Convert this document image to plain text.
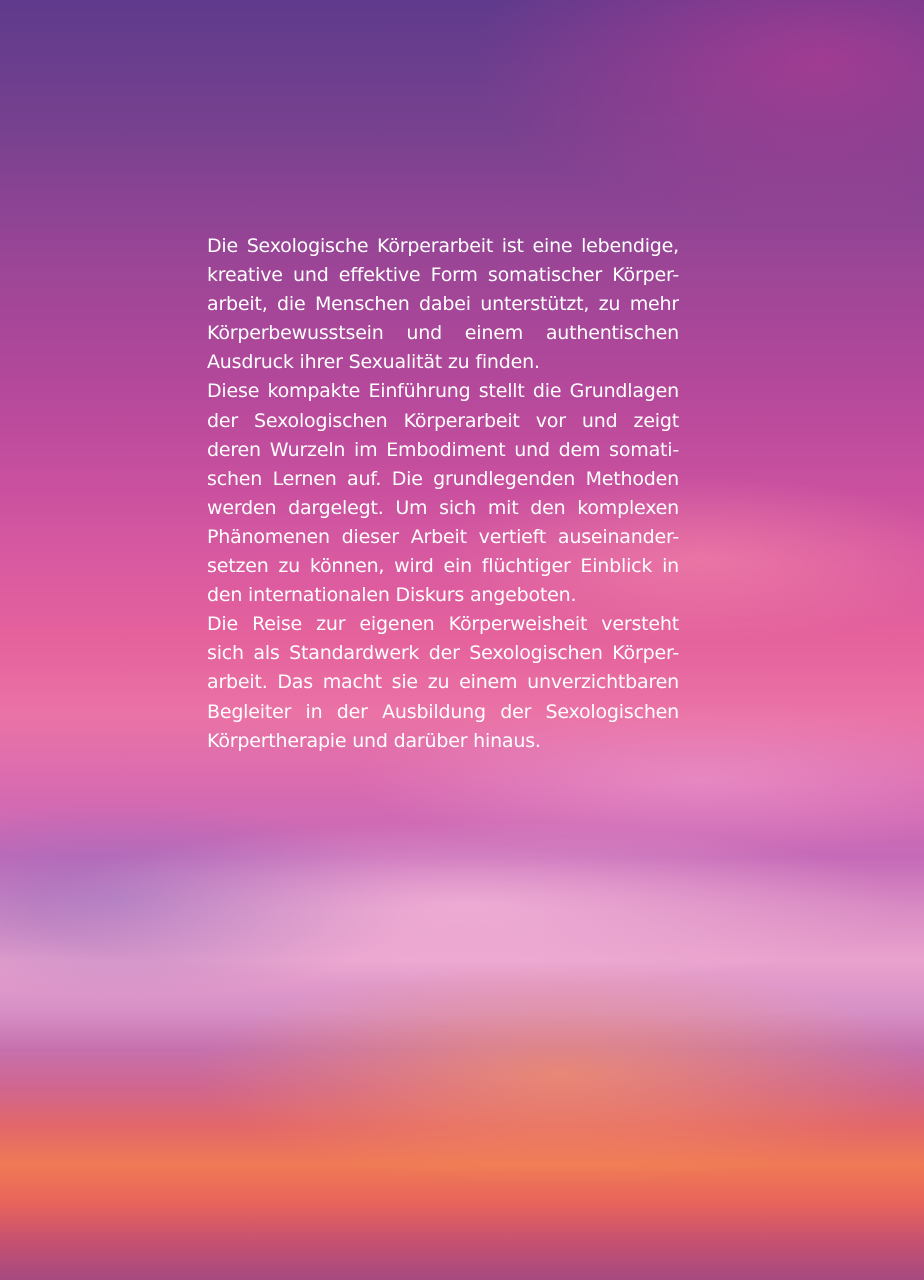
Die Sexologische Körperarbeit ist eine lebendige,
kreative und effektive Form somatischer Körper-
arbeit, die Menschen dabei unterstützt, zu mehr
Körperbewusstsein und einem authentischen
Ausdruck ihrer Sexualität zu finden.
Diese kompakte Einführung stellt die Grundlagen
der Sexologischen Körperarbeit vor und zeigt
deren Wurzeln im Embodiment und dem somati-
schen Lernen auf. Die grundlegenden Methoden
werden dargelegt. Um sich mit den komplexen
Phänomenen dieser Arbeit vertieft auseinander-
setzen zu können, wird ein flüchtiger Einblick in
den internationalen Diskurs angeboten.
Die Reise zur eigenen Körperweisheit versteht
sich als Standardwerk der Sexologischen Körper-
arbeit. Das macht sie zu einem unverzichtbaren
Begleiter in der Ausbildung der Sexologischen
Körpertherapie und darüber hinaus.
